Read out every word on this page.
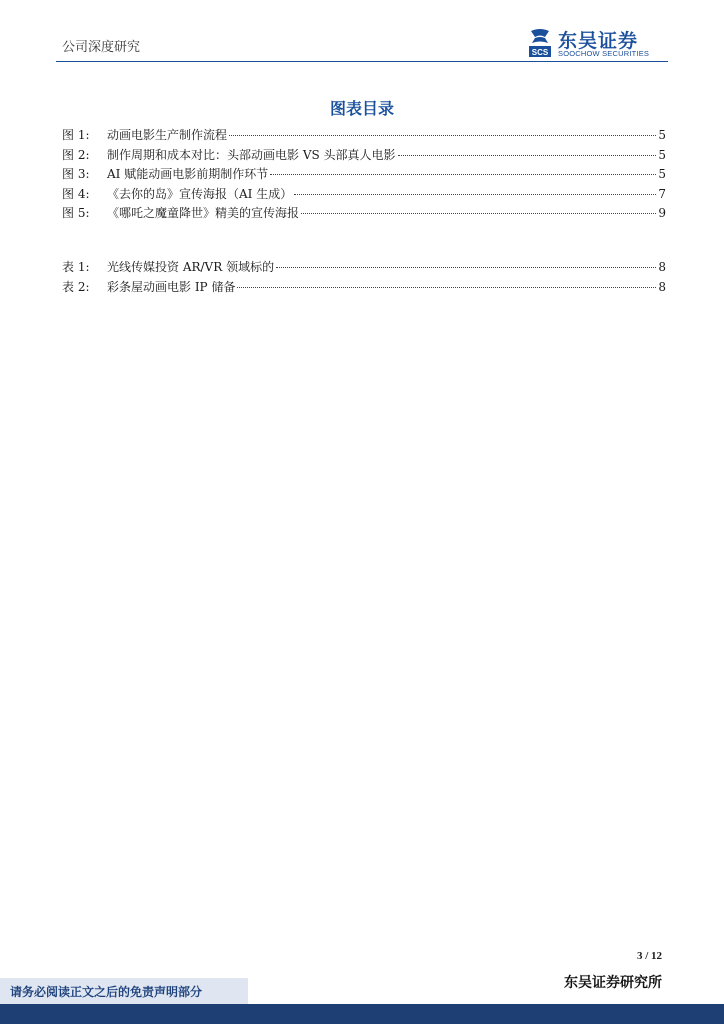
公司深度研究	SCS
东吴证券
SOOCHOW SECURITIES
图表目录
图 1:	动画电影生产制作流程	5
图 2:	制作周期和成本对比：头部动画电影 VS 头部真人电影	5
图 3:	AI 赋能动画电影前期制作环节	5
图 4:	《去你的岛》宣传海报（AI 生成）	7
图 5:	《哪吒之魔童降世》精美的宣传海报	9
表 1:	光线传媒投资 AR/VR 领域标的	8
表 2:	彩条屋动画电影 IP 储备	8
3 / 12
东吴证券研究所
请务必阅读正文之后的免责声明部分
